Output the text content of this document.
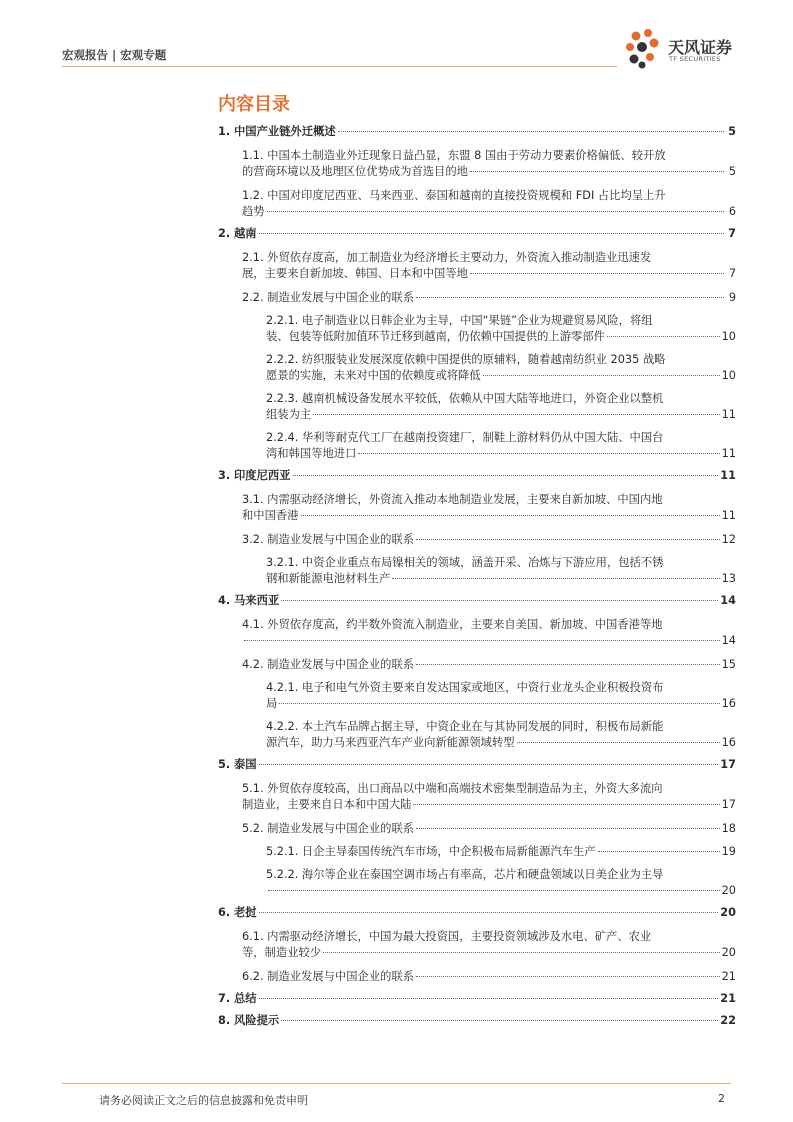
宏观报告 | 宏观专题	天风证券
TF SECURITIES
内容目录
1. 中国产业链外迁概述	5
1.1. 中国本土制造业外迁现象日益凸显，东盟 8 国由于劳动力要素价格偏低、较开放
的营商环境以及地理区位优势成为首选目的地	5
1.2. 中国对印度尼西亚、马来西亚、泰国和越南的直接投资规模和 FDI 占比均呈上升
趋势	6
2. 越南	7
2.1. 外贸依存度高，加工制造业为经济增长主要动力，外资流入推动制造业迅速发
展，主要来自新加坡、韩国、日本和中国等地	7
2.2. 制造业发展与中国企业的联系	9
2.2.1. 电子制造业以日韩企业为主导，中国“果链”企业为规避贸易风险，将组
装、包装等低附加值环节迁移到越南，仍依赖中国提供的上游零部件	10
2.2.2. 纺织服装业发展深度依赖中国提供的原辅料，随着越南纺织业 2035 战略
愿景的实施，未来对中国的依赖度或将降低	10
2.2.3. 越南机械设备发展水平较低，依赖从中国大陆等地进口，外资企业以整机
组装为主	11
2.2.4. 华利等耐克代工厂在越南投资建厂，制鞋上游材料仍从中国大陆、中国台
湾和韩国等地进口	11
3. 印度尼西亚	11
3.1. 内需驱动经济增长，外资流入推动本地制造业发展，主要来自新加坡、中国内地
和中国香港	11
3.2. 制造业发展与中国企业的联系	12
3.2.1. 中资企业重点布局镍相关的领域，涵盖开采、冶炼与下游应用，包括不锈
钢和新能源电池材料生产	13
4. 马来西亚	14
4.1. 外贸依存度高，约半数外资流入制造业，主要来自美国、新加坡、中国香港等地
14
4.2. 制造业发展与中国企业的联系	15
4.2.1. 电子和电气外资主要来自发达国家或地区，中资行业龙头企业积极投资布
局	16
4.2.2. 本土汽车品牌占据主导，中资企业在与其协同发展的同时，积极布局新能
源汽车，助力马来西亚汽车产业向新能源领域转型	16
5. 泰国	17
5.1. 外贸依存度较高，出口商品以中端和高端技术密集型制造品为主，外资大多流向
制造业，主要来自日本和中国大陆	17
5.2. 制造业发展与中国企业的联系	18
5.2.1. 日企主导泰国传统汽车市场，中企积极布局新能源汽车生产	19
5.2.2. 海尔等企业在泰国空调市场占有率高，芯片和硬盘领域以日美企业为主导
20
6. 老挝	20
6.1. 内需驱动经济增长，中国为最大投资国，主要投资领域涉及水电、矿产、农业
等，制造业较少	20
6.2. 制造业发展与中国企业的联系	21
7. 总结	21
8. 风险提示	22
请务必阅读正文之后的信息披露和免责申明	2
